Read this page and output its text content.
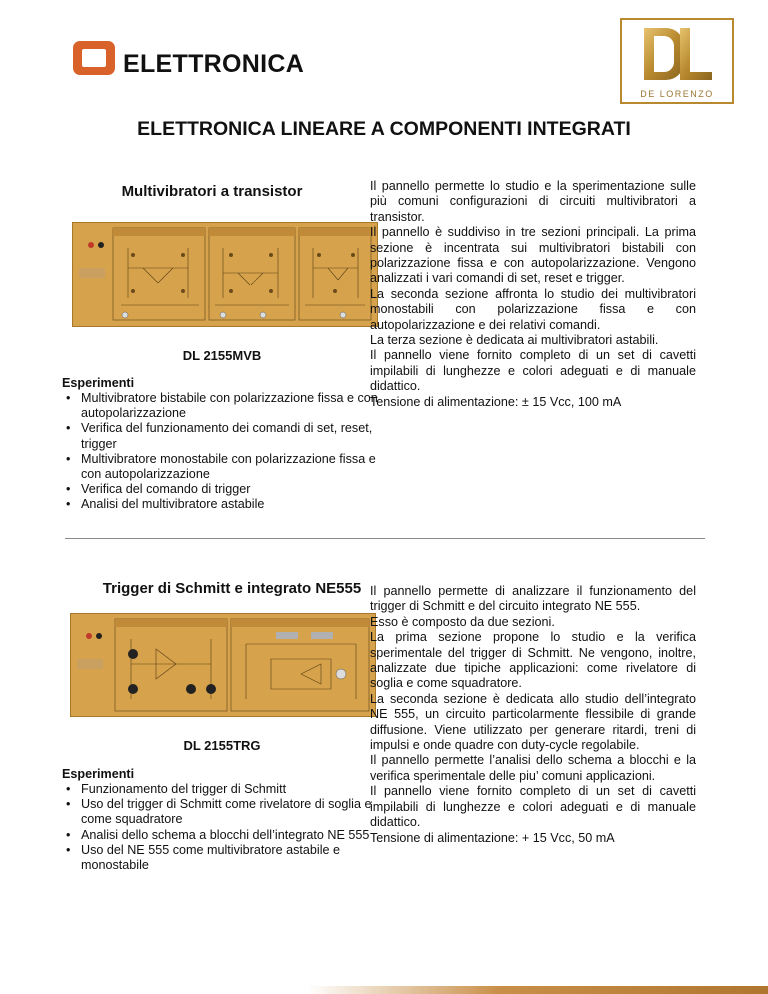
ELETTRONICA
DE LORENZO
ELETTRONICA LINEARE A COMPONENTI INTEGRATI
Multivibratori a transistor
DL 2155MVB
Esperimenti
• Multivibratore bistabile con polarizzazione fissa e con autopolarizzazione
• Verifica del funzionamento dei comandi di set, reset, trigger
• Multivibratore monostabile con polarizzazione fissa e con autopolarizzazione
• Verifica del comando di trigger
• Analisi del multivibratore astabile

Il pannello permette lo studio e la sperimentazione sulle più comuni configurazioni di circuiti multivibratori a transistor.

Il pannello è suddiviso in tre sezioni principali. La prima sezione è incentrata sui multivibratori bistabili con polarizzazione fissa e con autopolarizzazione. Vengono analizzati i vari comandi di set, reset e trigger.

La seconda sezione affronta lo studio dei multivibratori monostabili con polarizzazione fissa e con autopolarizzazione e dei relativi comandi.

La terza sezione è dedicata ai multivibratori astabili.

Il pannello viene fornito completo di un set di cavetti impilabili di lunghezze e colori adeguati e di manuale didattico.

Tensione di alimentazione: ± 15 Vcc, 100 mA

Trigger di Schmitt e integrato NE555
DL 2155TRG
Esperimenti
• Funzionamento del trigger di Schmitt
• Uso del trigger di Schmitt come rivelatore di soglia e come squadratore
• Analisi dello schema a blocchi dell’integrato NE 555
• Uso del NE 555 come multivibratore astabile e monostabile

Il pannello permette di analizzare il funzionamento del trigger di Schmitt e del circuito integrato NE 555.

Esso è composto da due sezioni.

La prima sezione propone lo studio e la verifica sperimentale del trigger di Schmitt. Ne vengono, inoltre, analizzate due tipiche applicazioni: come rivelatore di soglia e come squadratore.

La seconda sezione è dedicata allo studio dell’integrato NE 555, un circuito particolarmente flessibile di grande diffusione. Viene utilizzato per generare ritardi, treni di impulsi e onde quadre con duty-cycle regolabile.

Il pannello permette l’analisi dello schema a blocchi e la verifica sperimentale delle piu’ comuni applicazioni.

Il pannello viene fornito completo di un set di cavetti impilabili di lunghezze e colori adeguati e di manuale didattico.

Tensione di alimentazione: + 15 Vcc, 50 mA
